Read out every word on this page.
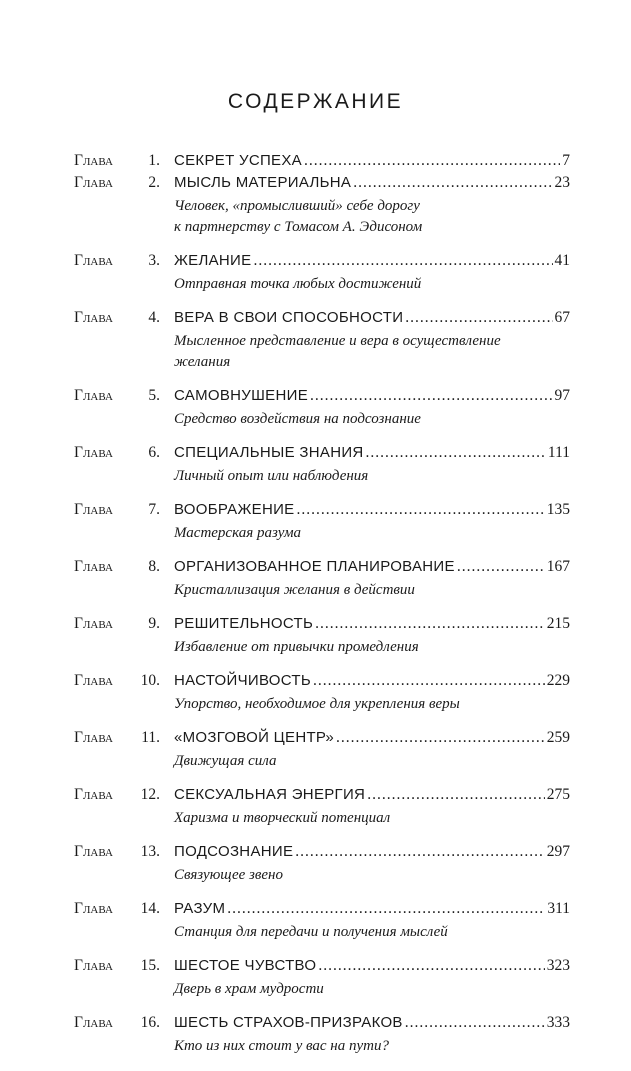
СОДЕРЖАНИЕ
Глава	1. СЕКРЕТ УСПЕХА .....	7
Глава	2. МЫСЛЬ МАТЕРИАЛЬНА .....	23
Человек, «промысливший» себе дорогу
к партнерству с Томасом А. Эдисоном
Глава	3. ЖЕЛАНИЕ .....	41
Отправная точка любых достижений
Глава	4. ВЕРА В СВОИ СПОСОБНОСТИ .....	67
Мысленное представление и вера в осуществление
желания
Глава	5. САМОВНУШЕНИЕ .....	97
Средство воздействия на подсознание
Глава	6. СПЕЦИАЛЬНЫЕ ЗНАНИЯ .....	111
Личный опыт или наблюдения
Глава	7. ВООБРАЖЕНИЕ .....	135
Мастерская разума
Глава	8. ОРГАНИЗОВАННОЕ ПЛАНИРОВАНИЕ .....	167
Кристаллизация желания в действии
Глава	9. РЕШИТЕЛЬНОСТЬ .....	215
Избавление от привычки промедления
Глава	10. НАСТОЙЧИВОСТЬ .....	229
Упорство, необходимое для укрепления веры
Глава	11. «МОЗГОВОЙ ЦЕНТР» .....	259
Движущая сила
Глава	12. СЕКСУАЛЬНАЯ ЭНЕРГИЯ .....	275
Харизма и творческий потенциал
Глава	13. ПОДСОЗНАНИЕ .....	297
Связующее звено
Глава	14. РАЗУМ .....	311
Станция для передачи и получения мыслей
Глава	15. ШЕСТОЕ ЧУВСТВО .....	323
Дверь в храм мудрости
Глава	16. ШЕСТЬ СТРАХОВ-ПРИЗРАКОВ .....	333
Кто из них стоит у вас на пути?
